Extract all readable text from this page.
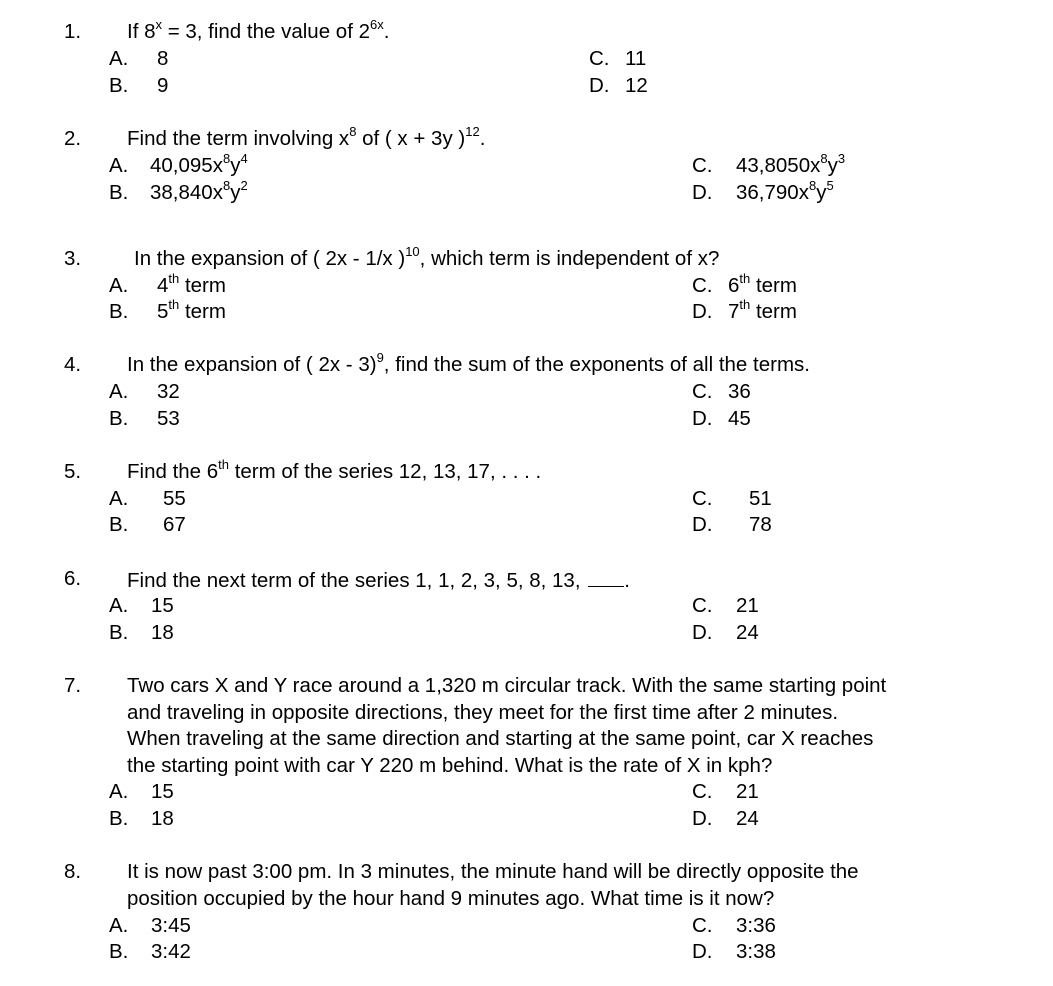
1. If $8^x = 3$, find the value of $2^{6x}$.
A. 8
B. 9
C. 11
D. 12
2. Find the term involving $x^8$ of ( x + 3y )$^{12}$.
A. $40,095x^8y^4$
B. $38,840x^8y^2$
C. $43,8050x^8y^3$
D. $36,790x^8y^5$
3.	In the expansion of ( 2x - 1/x )$^{10}$, which term is independent of x?
A. 4th term
B. 5th term
C. 6th term
D. 7th term
4. In the expansion of ( 2x - 3)$^9$, find the sum of the exponents of all the terms.
A. 32
B. 53
C. 36
D. 45
5. Find the 6th term of the series 12, 13, 17, . . . .
A. 55
B. 67
C. 51
D. 78
6. Find the next term of the series 1, 1, 2, 3, 5, 8, 13, .
A. 15
B. 18
C. 21
D. 24
7. Two cars X and Y race around a 1,320 m circular track. With the same starting point
and traveling in opposite directions, they meet for the first time after 2 minutes.
When traveling at the same direction and starting at the same point, car X reaches
the starting point with car Y 220 m behind. What is the rate of X in kph?
A. 15
B. 18
C. 21
D. 24
8. It is now past 3:00 pm. In 3 minutes, the minute hand will be directly opposite the
position occupied by the hour hand 9 minutes ago. What time is it now?
A. 3:45
B. 3:42
C. 3:36
D. 3:38
